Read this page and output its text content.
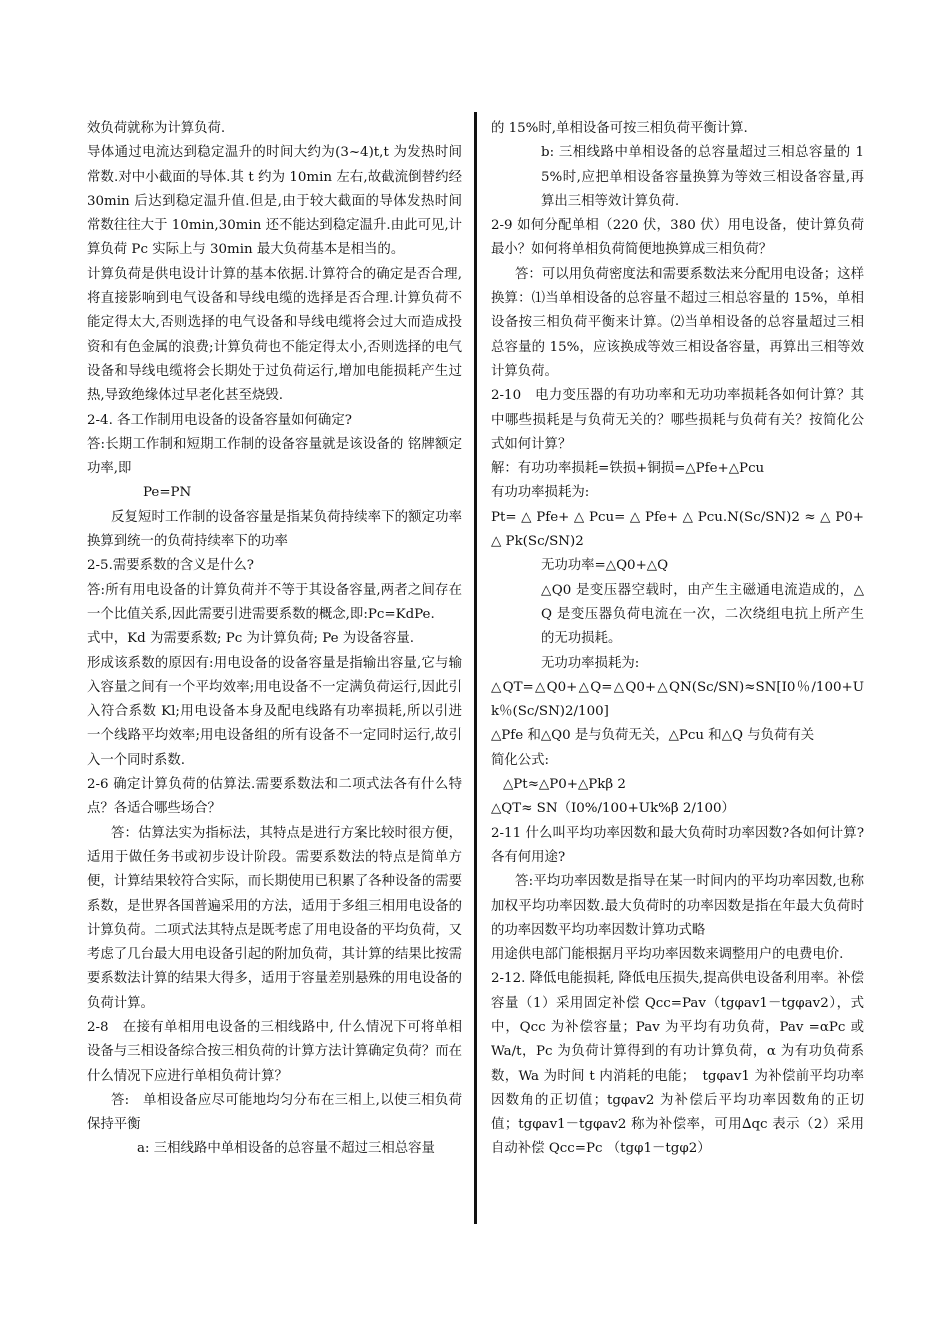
效负荷就称为计算负荷.

导体通过电流达到稳定温升的时间大约为(3~4)t,t 为发热时间常数.对中小截面的导体.其 t 约为 10min 左右,故截流倒替约经 30min 后达到稳定温升值.但是,由于较大截面的导体发热时间常数往往大于 10min,30min 还不能达到稳定温升.由此可见,计算负荷 Pc 实际上与 30min 最大负荷基本是相当的。

计算负荷是供电设计计算的基本依据.计算符合的确定是否合理,将直接影响到电气设备和导线电缆的选择是否合理.计算负荷不能定得太大,否则选择的电气设备和导线电缆将会过大而造成投资和有色金属的浪费;计算负荷也不能定得太小,否则选择的电气设备和导线电缆将会长期处于过负荷运行,增加电能损耗产生过热,导致绝缘体过早老化甚至烧毁.

2-4. 各工作制用电设备的设备容量如何确定?

答:长期工作制和短期工作制的设备容量就是该设备的 铭牌额定功率,即

Pe=PN

反复短时工作制的设备容量是指某负荷持续率下的额定功率换算到统一的负荷持续率下的功率

2-5.需要系数的含义是什么?

答:所有用电设备的计算负荷并不等于其设备容量,两者之间存在一个比值关系,因此需要引进需要系数的概念,即:Pc=KdPe.

式中，Kd 为需要系数; Pc 为计算负荷; Pe 为设备容量.

形成该系数的原因有:用电设备的设备容量是指输出容量,它与输入容量之间有一个平均效率;用电设备不一定满负荷运行,因此引入符合系数 Kl;用电设备本身及配电线路有功率损耗,所以引进一个线路平均效率;用电设备组的所有设备不一定同时运行,故引入一个同时系数.

2-6 确定计算负荷的估算法.需要系数法和二项式法各有什么特点？各适合哪些场合？

答：估算法实为指标法，其特点是进行方案比较时很方便，适用于做任务书或初步设计阶段。需要系数法的特点是简单方便，计算结果较符合实际，而长期使用已积累了各种设备的需要系数，是世界各国普遍采用的方法，适用于多组三相用电设备的计算负荷。二项式法其特点是既考虑了用电设备的平均负荷，又考虑了几台最大用电设备引起的附加负荷，其计算的结果比按需要系数法计算的结果大得多，适用于容量差别悬殊的用电设备的负荷计算。

2-8　在接有单相用电设备的三相线路中, 什么情况下可将单相设备与三相设备综合按三相负荷的计算方法计算确定负荷？而在什么情况下应进行单相负荷计算？

答:　单相设备应尽可能地均匀分布在三相上,以使三相负荷保持平衡

a: 三相线路中单相设备的总容量不超过三相总容量

的 15%时,单相设备可按三相负荷平衡计算.

b: 三相线路中单相设备的总容量超过三相总容量的 15%时,应把单相设备容量换算为等效三相设备容量,再算出三相等效计算负荷.

2-9 如何分配单相（220 伏，380 伏）用电设备，使计算负荷最小？如何将单相负荷简便地换算成三相负荷？

答：可以用负荷密度法和需要系数法来分配用电设备；这样换算：⑴当单相设备的总容量不超过三相总容量的 15%，单相设备按三相负荷平衡来计算。⑵当单相设备的总容量超过三相总容量的 15%，应该换成等效三相设备容量，再算出三相等效计算负荷。

2-10　电力变压器的有功功率和无功功率损耗各如何计算？其中哪些损耗是与负荷无关的？哪些损耗与负荷有关？按简化公式如何计算？

解：有功功率损耗=铁损+铜损=△Pfe+△Pcu

有功功率损耗为:

Pt= △ Pfe+ △ Pcu= △ Pfe+ △ Pcu.N(Sc/SN)2 ≈ △ P0+ △ Pk(Sc/SN)2

无功功率=△Q0+△Q

△Q0 是变压器空载时，由产生主磁通电流造成的，△Q 是变压器负荷电流在一次，二次绕组电抗上所产生的无功损耗。

无功功率损耗为:

△QT=△Q0+△Q=△Q0+△QN(Sc/SN)≈SN[I0％/100+Uk％(Sc/SN)2/100]

△Pfe 和△Q0 是与负荷无关，△Pcu 和△Q 与负荷有关

简化公式:

△Pt≈△P0+△Pkβ 2

△QT≈ SN（I0%/100+Uk%β 2/100）

2-11 什么叫平均功率因数和最大负荷时功率因数?各如何计算?各有何用途?

答:平均功率因数是指导在某一时间内的平均功率因数,也称加权平均功率因数.最大负荷时的功率因数是指在年最大负荷时的功率因数平均功率因数计算功式略

用途供电部门能根据月平均功率因数来调整用户的电费电价.

2-12. 降低电能损耗, 降低电压损失,提高供电设备利用率。补偿容量（1）采用固定补偿 Qcc=Pav（tgφav1－tgφav2），式中，Qcc 为补偿容量；Pav 为平均有功负荷，Pav =αPc 或 Wa/t，Pc 为负荷计算得到的有功计算负荷，α 为有功负荷系数，Wa 为时间 t 内消耗的电能；　tgφav1 为补偿前平均功率因数角的正切值；tgφav2 为补偿后平均功率因数角的正切值；tgφav1－tgφav2 称为补偿率，可用∆qc 表示（2）采用自动补偿 Qcc=Pc （tgφ1－tgφ2）
